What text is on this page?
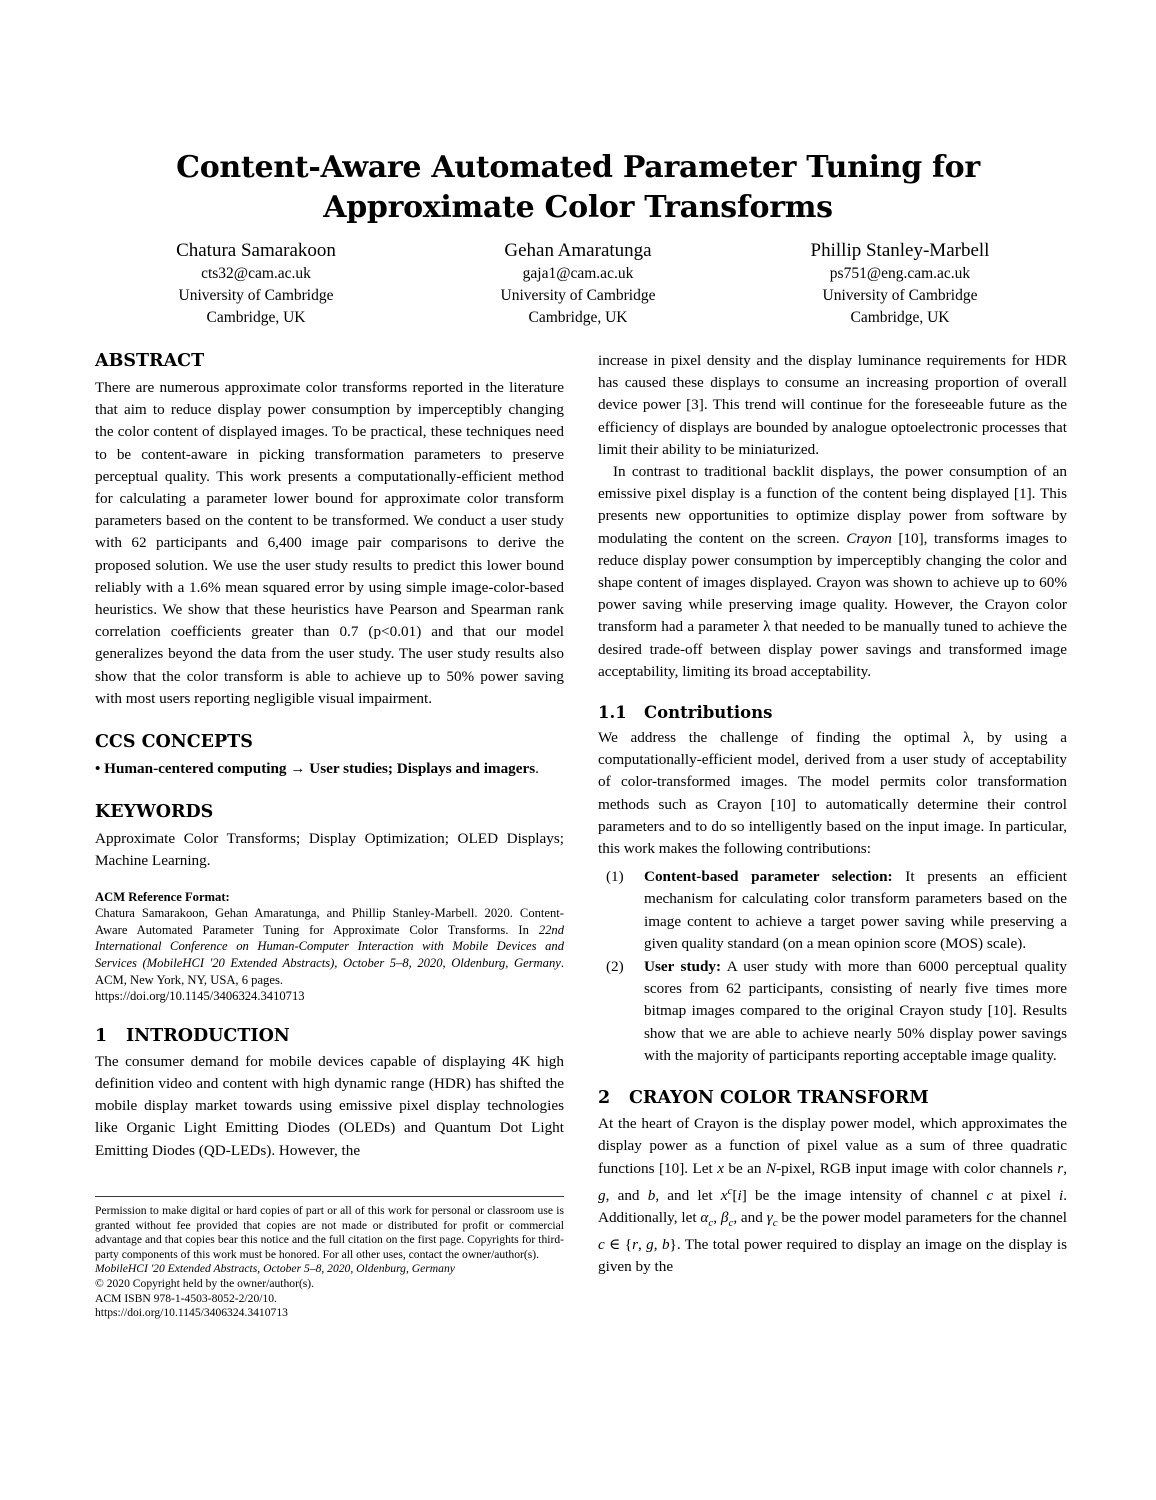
Content-Aware Automated Parameter Tuning for Approximate Color Transforms
Chatura Samarakoon
cts32@cam.ac.uk
University of Cambridge
Cambridge, UK
Gehan Amaratunga
gaja1@cam.ac.uk
University of Cambridge
Cambridge, UK
Phillip Stanley-Marbell
ps751@eng.cam.ac.uk
University of Cambridge
Cambridge, UK
ABSTRACT

There are numerous approximate color transforms reported in the literature that aim to reduce display power consumption by imperceptibly changing the color content of displayed images. To be practical, these techniques need to be content-aware in picking transformation parameters to preserve perceptual quality. This work presents a computationally-efficient method for calculating a parameter lower bound for approximate color transform parameters based on the content to be transformed. We conduct a user study with 62 participants and 6,400 image pair comparisons to derive the proposed solution. We use the user study results to predict this lower bound reliably with a 1.6% mean squared error by using simple image-color-based heuristics. We show that these heuristics have Pearson and Spearman rank correlation coefficients greater than 0.7 (p<0.01) and that our model generalizes beyond the data from the user study. The user study results also show that the color transform is able to achieve up to 50% power saving with most users reporting negligible visual impairment.

CCS CONCEPTS

• Human-centered computing → User studies; Displays and imagers.

KEYWORDS

Approximate Color Transforms; Display Optimization; OLED Displays; Machine Learning.

ACM Reference Format:
Chatura Samarakoon, Gehan Amaratunga, and Phillip Stanley-Marbell. 2020. Content-Aware Automated Parameter Tuning for Approximate Color Transforms. In 22nd International Conference on Human-Computer Interaction with Mobile Devices and Services (MobileHCI '20 Extended Abstracts), October 5–8, 2020, Oldenburg, Germany. ACM, New York, NY, USA, 6 pages.
https://doi.org/10.1145/3406324.3410713
1 INTRODUCTION

The consumer demand for mobile devices capable of displaying 4K high definition video and content with high dynamic range (HDR) has shifted the mobile display market towards using emissive pixel display technologies like Organic Light Emitting Diodes (OLEDs) and Quantum Dot Light Emitting Diodes (QD-LEDs). However, the

Permission to make digital or hard copies of part or all of this work for personal or classroom use is granted without fee provided that copies are not made or distributed for profit or commercial advantage and that copies bear this notice and the full citation on the first page. Copyrights for third-party components of this work must be honored. For all other uses, contact the owner/author(s).

MobileHCI '20 Extended Abstracts, October 5–8, 2020, Oldenburg, Germany

© 2020 Copyright held by the owner/author(s).

ACM ISBN 978-1-4503-8052-2/20/10.

https://doi.org/10.1145/3406324.3410713

increase in pixel density and the display luminance requirements for HDR has caused these displays to consume an increasing proportion of overall device power [3]. This trend will continue for the foreseeable future as the efficiency of displays are bounded by analogue optoelectronic processes that limit their ability to be miniaturized.

In contrast to traditional backlit displays, the power consumption of an emissive pixel display is a function of the content being displayed [1]. This presents new opportunities to optimize display power from software by modulating the content on the screen. Crayon [10], transforms images to reduce display power consumption by imperceptibly changing the color and shape content of images displayed. Crayon was shown to achieve up to 60% power saving while preserving image quality. However, the Crayon color transform had a parameter λ that needed to be manually tuned to achieve the desired trade-off between display power savings and transformed image acceptability, limiting its broad acceptability.

1.1 Contributions

We address the challenge of finding the optimal λ, by using a computationally-efficient model, derived from a user study of acceptability of color-transformed images. The model permits color transformation methods such as Crayon [10] to automatically determine their control parameters and to do so intelligently based on the input image. In particular, this work makes the following contributions:

(1)	Content-based parameter selection: It presents an efficient mechanism for calculating color transform parameters based on the image content to achieve a target power saving while preserving a given quality standard (on a mean opinion score (MOS) scale).
(2)	User study: A user study with more than 6000 perceptual quality scores from 62 participants, consisting of nearly five times more bitmap images compared to the original Crayon study [10]. Results show that we are able to achieve nearly 50% display power savings with the majority of participants reporting acceptable image quality.
2 CRAYON COLOR TRANSFORM

At the heart of Crayon is the display power model, which approximates the display power as a function of pixel value as a sum of three quadratic functions [10]. Let x be an N-pixel, RGB input image with color channels r, g, and b, and let $x^c[i]$ be the image intensity of channel c at pixel i. Additionally, let $\alpha_c$, $\beta_c$, and $\gamma_c$ be the power model parameters for the channel c ∈ {r, g, b}. The total power required to display an image on the display is given by the
